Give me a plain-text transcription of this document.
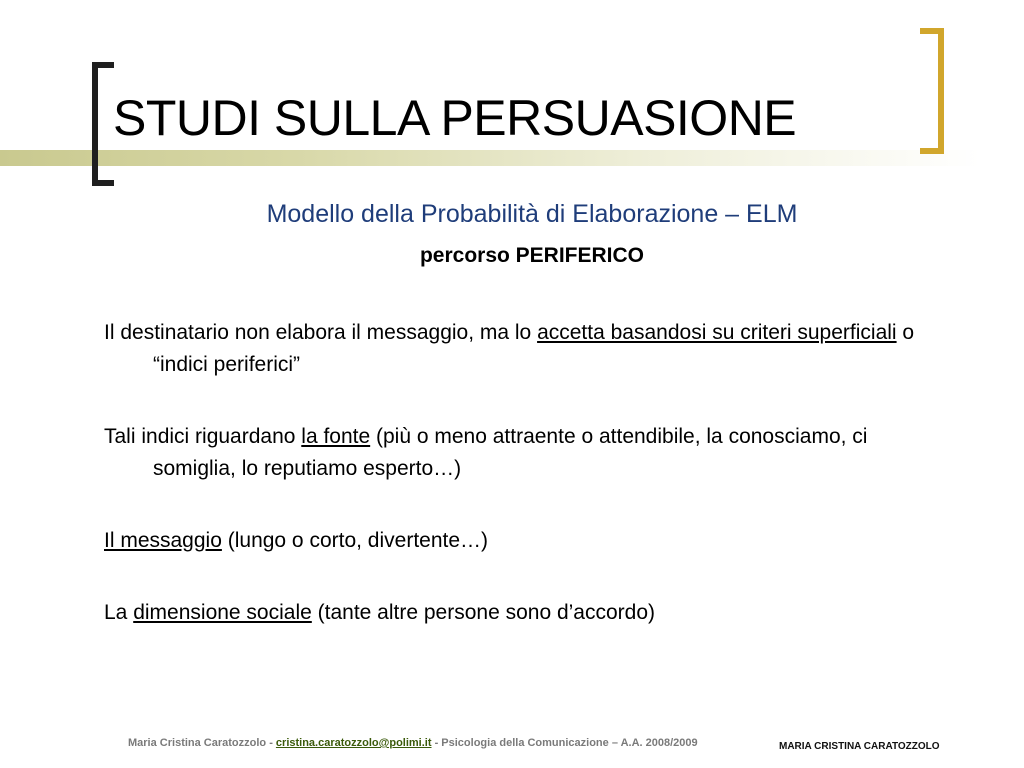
STUDI SULLA PERSUASIONE
Modello della Probabilità di Elaborazione – ELM
percorso PERIFERICO

Il destinatario non elabora il messaggio, ma lo accetta basandosi su criteri superficiali o “indici periferici”

Tali indici riguardano la fonte (più o meno attraente o attendibile, la conosciamo, ci somiglia, lo reputiamo esperto…)

Il messaggio (lungo o corto, divertente…)

La dimensione sociale (tante altre persone sono d’accordo)

Maria Cristina Caratozzolo - cristina.caratozzolo@polimi.it - Psicologia della Comunicazione – A.A. 2008/2009	MARIA CRISTINA CARATOZZOLO
